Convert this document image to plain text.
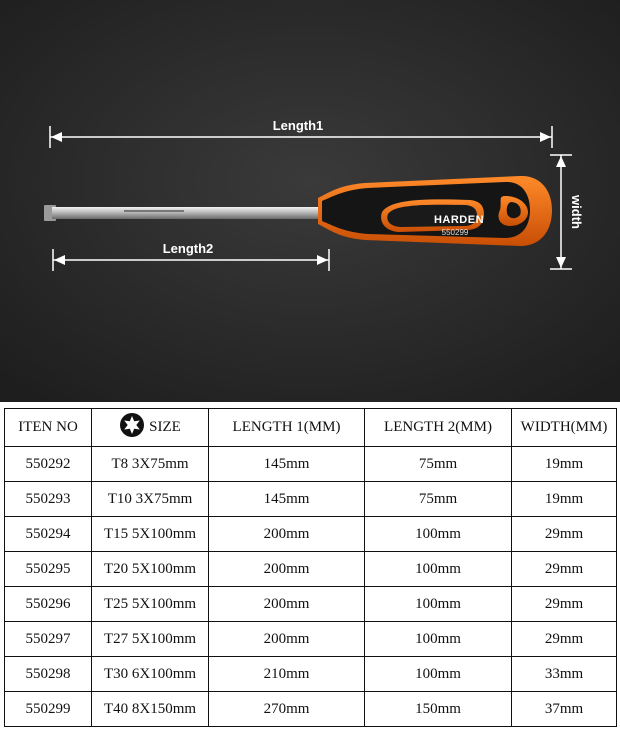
Length1
Length2
width
HARDEN
550299
ITEN NO	SIZE	LENGTH 1(MM)	LENGTH 2(MM)	WIDTH(MM)
550292	T8 3X75mm	145mm	75mm	19mm
550293	T10 3X75mm	145mm	75mm	19mm
550294	T15 5X100mm	200mm	100mm	29mm
550295	T20 5X100mm	200mm	100mm	29mm
550296	T25 5X100mm	200mm	100mm	29mm
550297	T27 5X100mm	200mm	100mm	29mm
550298	T30 6X100mm	210mm	100mm	33mm
550299	T40 8X150mm	270mm	150mm	37mm
